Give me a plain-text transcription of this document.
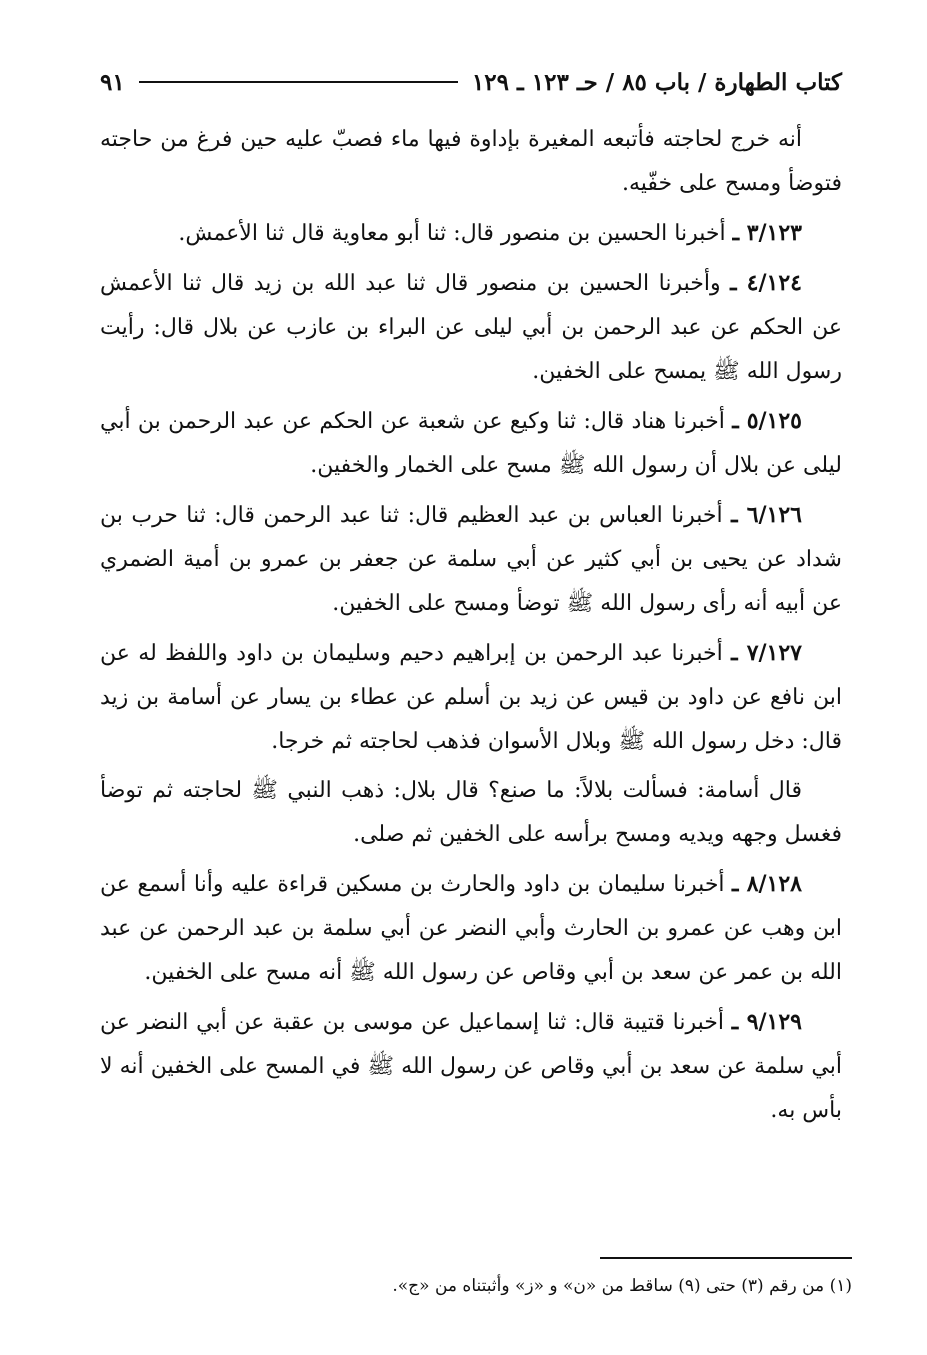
كتاب الطهارة / باب ٨٥ / حـ ١٢٣ ـ ١٢٩
٩١

أنه خرج لحاجته فأتبعه المغيرة بإداوة فيها ماء فصبّ عليه حين فرغ من حاجته فتوضأ ومسح على خفّيه.

٣/١٢٣ ـ أخبرنا الحسين بن منصور قال: ثنا أبو معاوية قال ثنا الأعمش.

٤/١٢٤ ـ وأخبرنا الحسين بن منصور قال ثنا عبد الله بن زيد قال ثنا الأعمش عن الحكم عن عبد الرحمن بن أبي ليلى عن البراء بن عازب عن بلال قال: رأيت رسول الله ﷺ يمسح على الخفين.

٥/١٢٥ ـ أخبرنا هناد قال: ثنا وكيع عن شعبة عن الحكم عن عبد الرحمن بن أبي ليلى عن بلال أن رسول الله ﷺ مسح على الخمار والخفين.

٦/١٢٦ ـ أخبرنا العباس بن عبد العظيم قال: ثنا عبد الرحمن قال: ثنا حرب بن شداد عن يحيى بن أبي كثير عن أبي سلمة عن جعفر بن عمرو بن أمية الضمري عن أبيه أنه رأى رسول الله ﷺ توضأ ومسح على الخفين.

٧/١٢٧ ـ أخبرنا عبد الرحمن بن إبراهيم دحيم وسليمان بن داود واللفظ له عن ابن نافع عن داود بن قيس عن زيد بن أسلم عن عطاء بن يسار عن أسامة بن زيد قال: دخل رسول الله ﷺ وبلال الأسوان فذهب لحاجته ثم خرجا.

قال أسامة: فسألت بلالاً: ما صنع؟ قال بلال: ذهب النبي ﷺ لحاجته ثم توضأ فغسل وجهه ويديه ومسح برأسه على الخفين ثم صلى.

٨/١٢٨ ـ أخبرنا سليمان بن داود والحارث بن مسكين قراءة عليه وأنا أسمع عن ابن وهب عن عمرو بن الحارث وأبي النضر عن أبي سلمة بن عبد الرحمن عن عبد الله بن عمر عن سعد بن أبي وقاص عن رسول الله ﷺ أنه مسح على الخفين.

٩/١٢٩ ـ أخبرنا قتيبة قال: ثنا إسماعيل عن موسى بن عقبة عن أبي النضر عن أبي سلمة عن سعد بن أبي وقاص عن رسول الله ﷺ في المسح على الخفين أنه لا بأس به.

(١) من رقم (٣) حتى (٩) ساقط من «ن» و «ز» وأثبتناه من «ج».
